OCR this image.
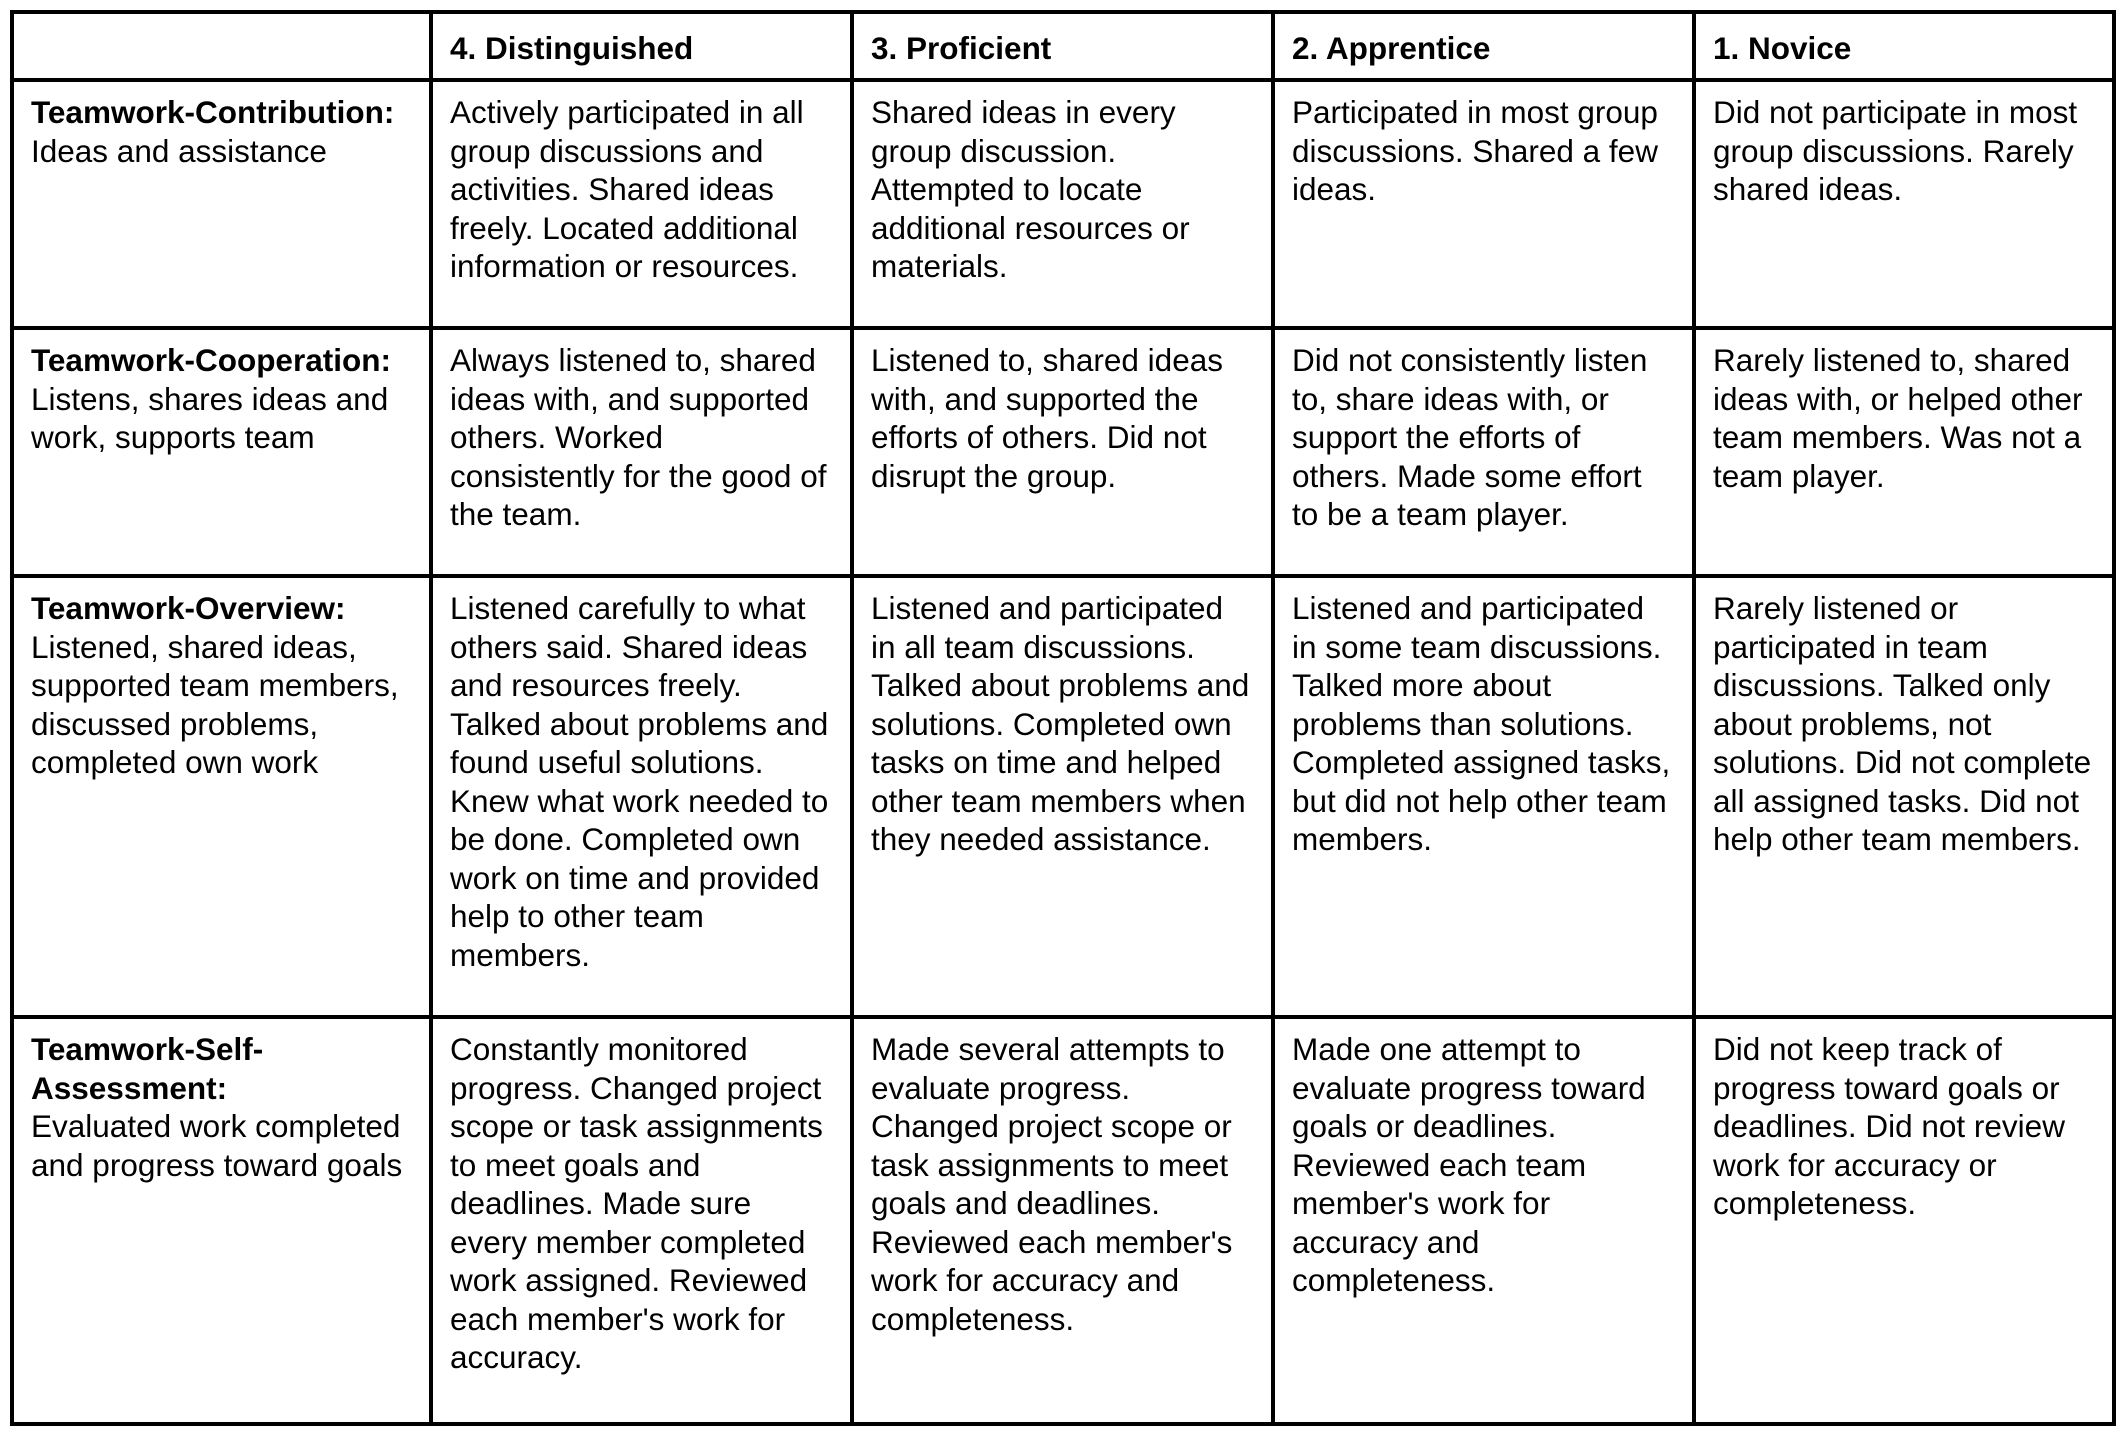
	4. Distinguished	3. Proficient	2. Apprentice	1. Novice

Teamwork-Contribution:
Ideas and assistance	Actively participated in all group discussions and activities. Shared ideas freely. Located additional information or resources.	Shared ideas in every group discussion. Attempted to locate additional resources or materials.	Participated in most group discussions. Shared a few ideas.	Did not participate in most group discussions. Rarely shared ideas.

Teamwork-Cooperation:
Listens, shares ideas and work, supports team	Always listened to, shared ideas with, and supported others. Worked consistently for the good of the team.	Listened to, shared ideas with, and supported the efforts of others. Did not disrupt the group.	Did not consistently listen to, share ideas with, or support the efforts of others. Made some effort to be a team player.	Rarely listened to, shared ideas with, or helped other team members. Was not a team player.

Teamwork-Overview:
Listened, shared ideas, supported team members, discussed problems, completed own work	Listened carefully to what others said. Shared ideas and resources freely. Talked about problems and found useful solutions. Knew what work needed to be done. Completed own work on time and provided help to other team members.	Listened and participated in all team discussions. Talked about problems and solutions. Completed own tasks on time and helped other team members when they needed assistance.	Listened and participated in some team discussions. Talked more about problems than solutions. Completed assigned tasks, but did not help other team members.	Rarely listened or participated in team discussions. Talked only about problems, not solutions. Did not complete all assigned tasks. Did not help other team members.

Teamwork-Self-Assessment:
Evaluated work completed and progress toward goals	Constantly monitored progress. Changed project scope or task assignments to meet goals and deadlines. Made sure every member completed work assigned. Reviewed each member's work for accuracy.	Made several attempts to evaluate progress. Changed project scope or task assignments to meet goals and deadlines. Reviewed each member's work for accuracy and completeness.	Made one attempt to evaluate progress toward goals or deadlines. Reviewed each team member's work for accuracy and completeness.	Did not keep track of progress toward goals or deadlines. Did not review work for accuracy or completeness.
